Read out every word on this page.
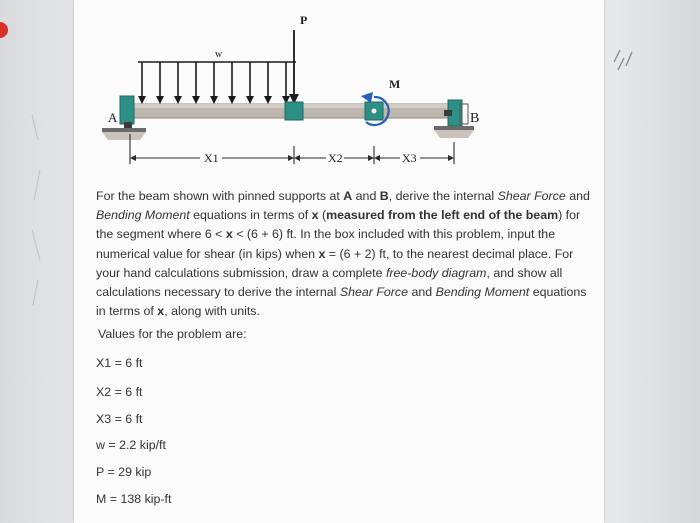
w
P
M
A	B
X1	X2	X3
For the beam shown with pinned supports at A and B, derive the internal Shear Force and Bending Moment equations in terms of x (measured from the left end of the beam) for the segment where 6 < x < (6 + 6) ft. In the box included with this problem, input the numerical value for shear (in kips) when x = (6 + 2) ft, to the nearest decimal place. For your hand calculations submission, draw a complete free-body diagram, and show all calculations necessary to derive the internal Shear Force and Bending Moment equations in terms of x, along with units.
Values for the problem are:
X1 = 6 ft
X2 = 6 ft
X3 = 6 ft
w = 2.2 kip/ft
P = 29 kip
M = 138 kip-ft
